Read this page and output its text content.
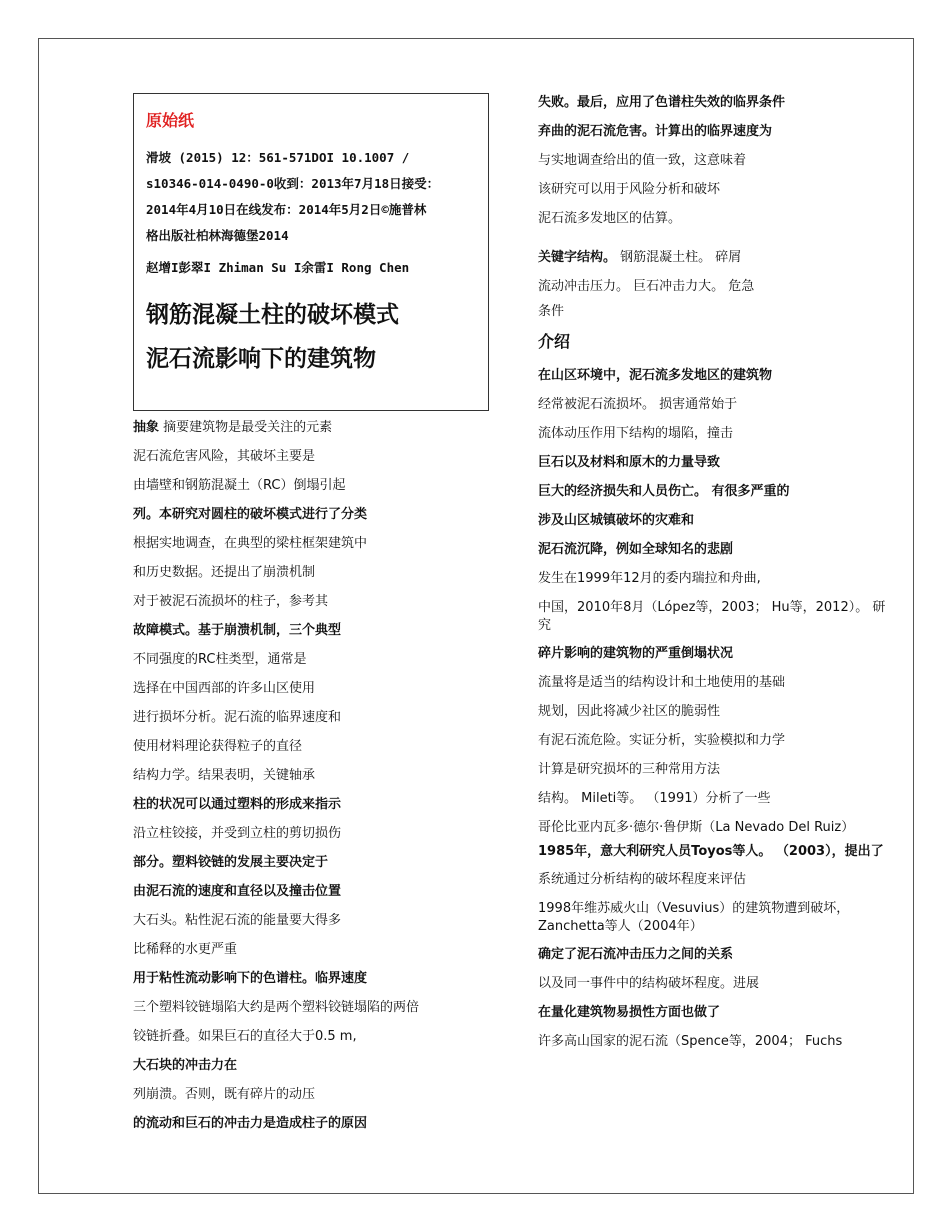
原始纸
滑坡 (2015) 12：561-571DOI 10.1007 /
s10346-014-0490-0收到：2013年7月18日接受：
2014年4月10日在线发布：2014年5月2日©施普林
格出版社柏林海德堡2014
赵增I彭翠I Zhiman Su I余雷I Rong Chen
钢筋混凝土柱的破坏模式
泥石流影响下的建筑物
抽象 摘要建筑物是最受关注的元素
泥石流危害风险，其破坏主要是
由墙壁和钢筋混凝土（RC）倒塌引起
列。本研究对圆柱的破坏模式进行了分类
根据实地调查，在典型的梁柱框架建筑中
和历史数据。还提出了崩溃机制
对于被泥石流损坏的柱子，参考其
故障模式。基于崩溃机制，三个典型
不同强度的RC柱类型，通常是
选择在中国西部的许多山区使用
进行损坏分析。泥石流的临界速度和
使用材料理论获得粒子的直径
结构力学。结果表明，关键轴承
柱的状况可以通过塑料的形成来指示
沿立柱铰接，并受到立柱的剪切损伤
部分。塑料铰链的发展主要决定于
由泥石流的速度和直径以及撞击位置
大石头。粘性泥石流的能量要大得多
比稀释的水更严重
用于粘性流动影响下的色谱柱。临界速度
三个塑料铰链塌陷大约是两个塑料铰链塌陷的两倍
铰链折叠。如果巨石的直径大于0.5 m,
大石块的冲击力在
列崩溃。否则，既有碎片的动压
的流动和巨石的冲击力是造成柱子的原因
失败。最后，应用了色谱柱失效的临界条件
弃曲的泥石流危害。计算出的临界速度为
与实地调查给出的值一致，这意味着
该研究可以用于风险分析和破坏
泥石流多发地区的估算。
关键字结构。 钢筋混凝土柱。 碎屑
流动冲击压力。 巨石冲击力大。 危急
条件
介绍
在山区环境中，泥石流多发地区的建筑物
经常被泥石流损坏。 损害通常始于
流体动压作用下结构的塌陷，撞击
巨石以及材料和原木的力量导致
巨大的经济损失和人员伤亡。 有很多严重的
涉及山区城镇破坏的灾难和
泥石流沉降，例如全球知名的悲剧
发生在1999年12月的委内瑞拉和舟曲,
中国，2010年8月（López等，2003； Hu等，2012）。 研究
碎片影响的建筑物的严重倒塌状况
流量将是适当的结构设计和土地使用的基础
规划，因此将减少社区的脆弱性
有泥石流危险。实证分析，实验模拟和力学
计算是研究损坏的三种常用方法
结构。 Mileti等。 （1991）分析了一些
哥伦比亚内瓦多·德尔·鲁伊斯（La Nevado Del Ruiz）
1985年，意大利研究人员Toyos等人。 （2003），提出了
系统通过分析结构的破坏程度来评估
1998年维苏威火山（Vesuvius）的建筑物遭到破坏，Zanchetta等人（2004年）
确定了泥石流冲击压力之间的关系
以及同一事件中的结构破坏程度。进展
在量化建筑物易损性方面也做了
许多高山国家的泥石流（Spence等，2004； Fuchs
